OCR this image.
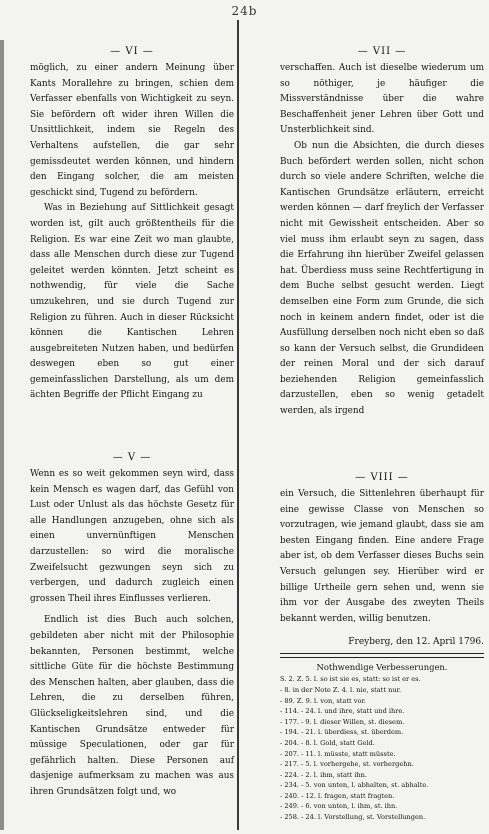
24b
— VI —

möglich, zu einer andern Meinung über Kants Morallehre zu bringen, schien dem Verfasser ebenfalls von Wichtigkeit zu seyn. Sie befördern oft wider ihren Willen die Unsittlichkeit, indem sie Regeln des Verhaltens aufstellen, die gar sehr gemissdeutet werden können, und hindern den Eingang solcher, die am meisten geschickt sind, Tugend zu befördern.

Was in Beziehung auf Sittlichkeit gesagt worden ist, gilt auch größtentheils für die Religion. Es war eine Zeit wo man glaubte, dass alle Menschen durch diese zur Tugend geleitet werden könnten. Jetzt scheint es nothwendig, für viele die Sache umzukehren, und sie durch Tugend zur Religion zu führen. Auch in dieser Rücksicht können die Kantischen Lehren ausgebreiteten Nutzen haben, und bedürfen deswegen eben so gut einer gemeinfasslichen Darstellung, als um dem ächten Begriffe der Pflicht Eingang zu

— V —

Wenn es so weit gekommen seyn wird, dass kein Mensch es wagen darf, das Gefühl von Lust oder Unlust als das höchste Gesetz für alle Handlungen anzugeben, ohne sich als einen unvernünftigen Menschen darzustellen: so wird die moralische Zweifelsucht gezwungen seyn sich zu verbergen, und dadurch zugleich einen grossen Theil ihres Einflusses verlieren.

Endlich ist dies Buch auch solchen, gebildeten aber nicht mit der Philosophie bekannten, Personen bestimmt, welche sittliche Güte für die höchste Bestimmung des Menschen halten, aber glauben, dass die Lehren, die zu derselben führen, Glückseligkeitslehren sind, und die Kantischen Grundsätze entweder für müssige Speculationen, oder gar für gefährlich halten. Diese Personen auf dasjenige aufmerksam zu machen was aus ihren Grundsätzen folgt und, wo

— VII —

verschaffen. Auch ist dieselbe wiederum um so nöthiger, je häufiger die Missverständnisse über die wahre Beschaffenheit jener Lehren über Gott und Unsterblichkeit sind.

Ob nun die Absichten, die durch dieses Buch befördert werden sollen, nicht schon durch so viele andere Schriften, welche die Kantischen Grundsätze erläutern, erreicht werden können — darf freylich der Verfasser nicht mit Gewissheit entscheiden. Aber so viel muss ihm erlaubt seyn zu sagen, dass die Erfahrung ihn hierüber Zweifel gelassen hat. Überdiess muss seine Rechtfertigung in dem Buche selbst gesucht werden. Liegt demselben eine Form zum Grunde, die sich noch in keinem andern findet, oder ist die Ausfüllung derselben noch nicht eben so daß so kann der Versuch selbst, die Grundideen der reinen Moral und der sich darauf beziehenden Religion gemeinfasslich darzustellen, eben so wenig getadelt werden, als irgend

— VIII —

ein Versuch, die Sittenlehren überhaupt für eine gewisse Classe von Menschen so vorzutragen, wie jemand glaubt, dass sie am besten Eingang finden. Eine andere Frage aber ist, ob dem Verfasser dieses Buchs sein Versuch gelungen sey. Hierüber wird er billige Urtheile gern sehen und, wenn sie ihm vor der Ausgabe des zweyten Theils bekannt werden, willig benutzen.

Freyberg, den 12. April 1796.

Nothwendige Verbesserungen.

S. 2. Z. 5. l. so ist sie es, statt: so ist er es.
- 8. in der Note Z. 4. l. nie, statt nur.
- 89. Z. 9. l. von, statt vor.
- 114. - 24. l. und ihre, statt und ihre.
- 177. - 9. l. dieser Willen, st. diesem.
- 194. - 21. l. überdiess, st. überdem.
- 204. - 8. l. Gold, statt Geld.
- 207. - 11. l. müsste, statt müsste.
- 217. - 5. l. vorhergehe, st. vorhergehn.
- 224. - 2. l. ihm, statt ihn.
- 234. - 5. von unten, l. abhalten, st. abhalte.
- 240. - 12. l. fragen, statt fragten.
- 249. - 6. von unten, l. ihm, st. ihn.
- 258. - 24. l. Vorstellung, st. Vorstellungen.
